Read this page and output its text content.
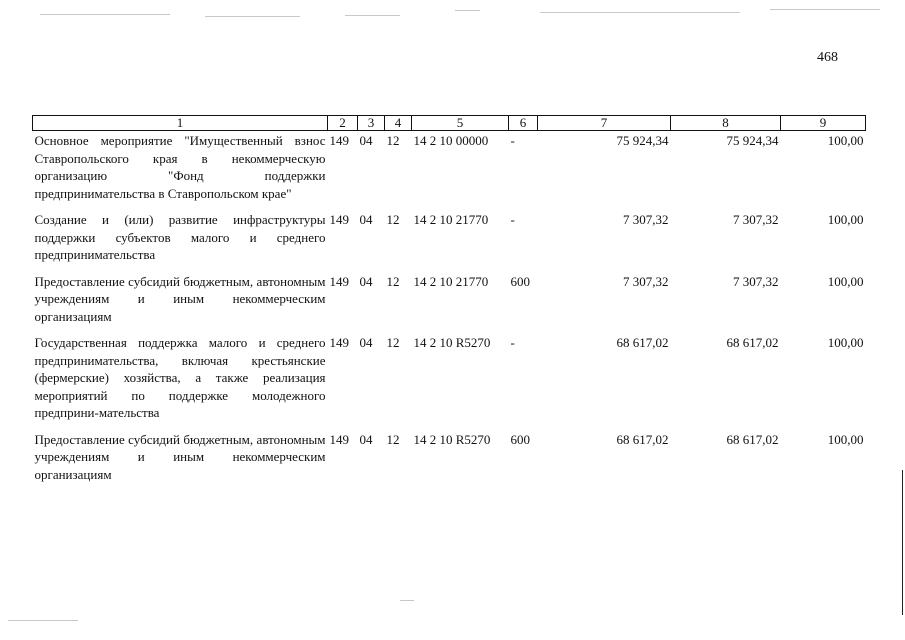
468
1	2	3	4	5	6	7	8	9
Основное мероприятие "Имущественный взнос Ставропольского края в некоммерческую организацию "Фонд поддержки предпринимательства в Ставропольском крае"	149	04	12	14 2 10 00000	-	75 924,34	75 924,34	100,00
Создание и (или) развитие инфраструктуры поддержки субъектов малого и среднего предпринимательства	149	04	12	14 2 10 21770	-	7 307,32	7 307,32	100,00
Предоставление субсидий бюджетным, автономным учреждениям и иным некоммерческим организациям	149	04	12	14 2 10 21770	600	7 307,32	7 307,32	100,00
Государственная поддержка малого и среднего предпринимательства, включая крестьянские (фермерские) хозяйства, а также реализация мероприятий по поддержке молодежного предприни-мательства	149	04	12	14 2 10 R5270	-	68 617,02	68 617,02	100,00
Предоставление субсидий бюджетным, автономным учреждениям и иным некоммерческим организациям	149	04	12	14 2 10 R5270	600	68 617,02	68 617,02	100,00
